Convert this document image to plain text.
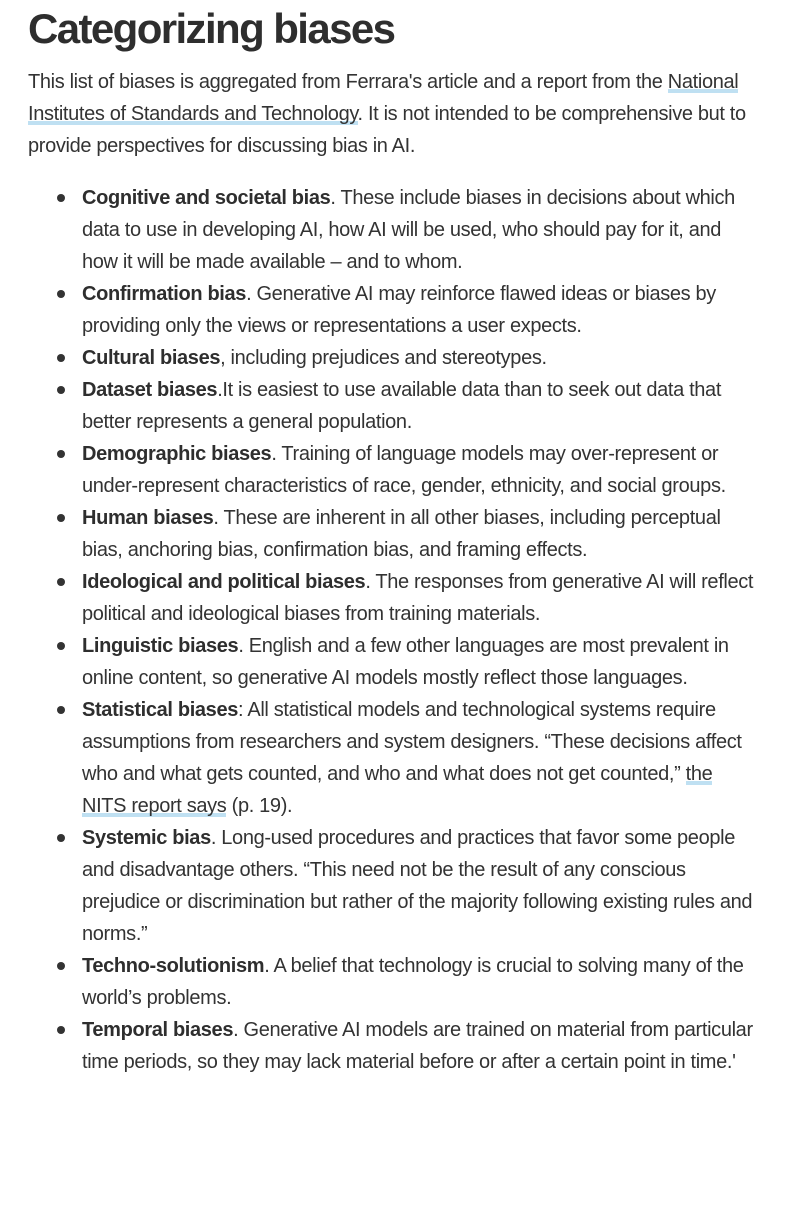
Categorizing biases

This list of biases is aggregated from Ferrara's article and a report from the National Institutes of Standards and Technology. It is not intended to be comprehensive but to provide perspectives for discussing bias in AI.

Cognitive and societal bias. These include biases in decisions about which data to use in developing AI, how AI will be used, who should pay for it, and how it will be made available – and to whom.
Confirmation bias. Generative AI may reinforce flawed ideas or biases by providing only the views or representations a user expects.
Cultural biases, including prejudices and stereotypes.
Dataset biases.It is easiest to use available data than to seek out data that better represents a general population.
Demographic biases. Training of language models may over-represent or under-represent characteristics of race, gender, ethnicity, and social groups.
Human biases. These are inherent in all other biases, including perceptual bias, anchoring bias, confirmation bias, and framing effects.
Ideological and political biases. The responses from generative AI will reflect political and ideological biases from training materials.
Linguistic biases. English and a few other languages are most prevalent in online content, so generative AI models mostly reflect those languages.
Statistical biases: All statistical models and technological systems require assumptions from researchers and system designers. “These decisions affect who and what gets counted, and who and what does not get counted,” the NITS report says (p. 19).
Systemic bias. Long-used procedures and practices that favor some people and disadvantage others. “This need not be the result of any conscious prejudice or discrimination but rather of the majority following existing rules and norms.”
Techno-solutionism. A belief that technology is crucial to solving many of the world’s problems.
Temporal biases. Generative AI models are trained on material from particular time periods, so they may lack material before or after a certain point in time.'
